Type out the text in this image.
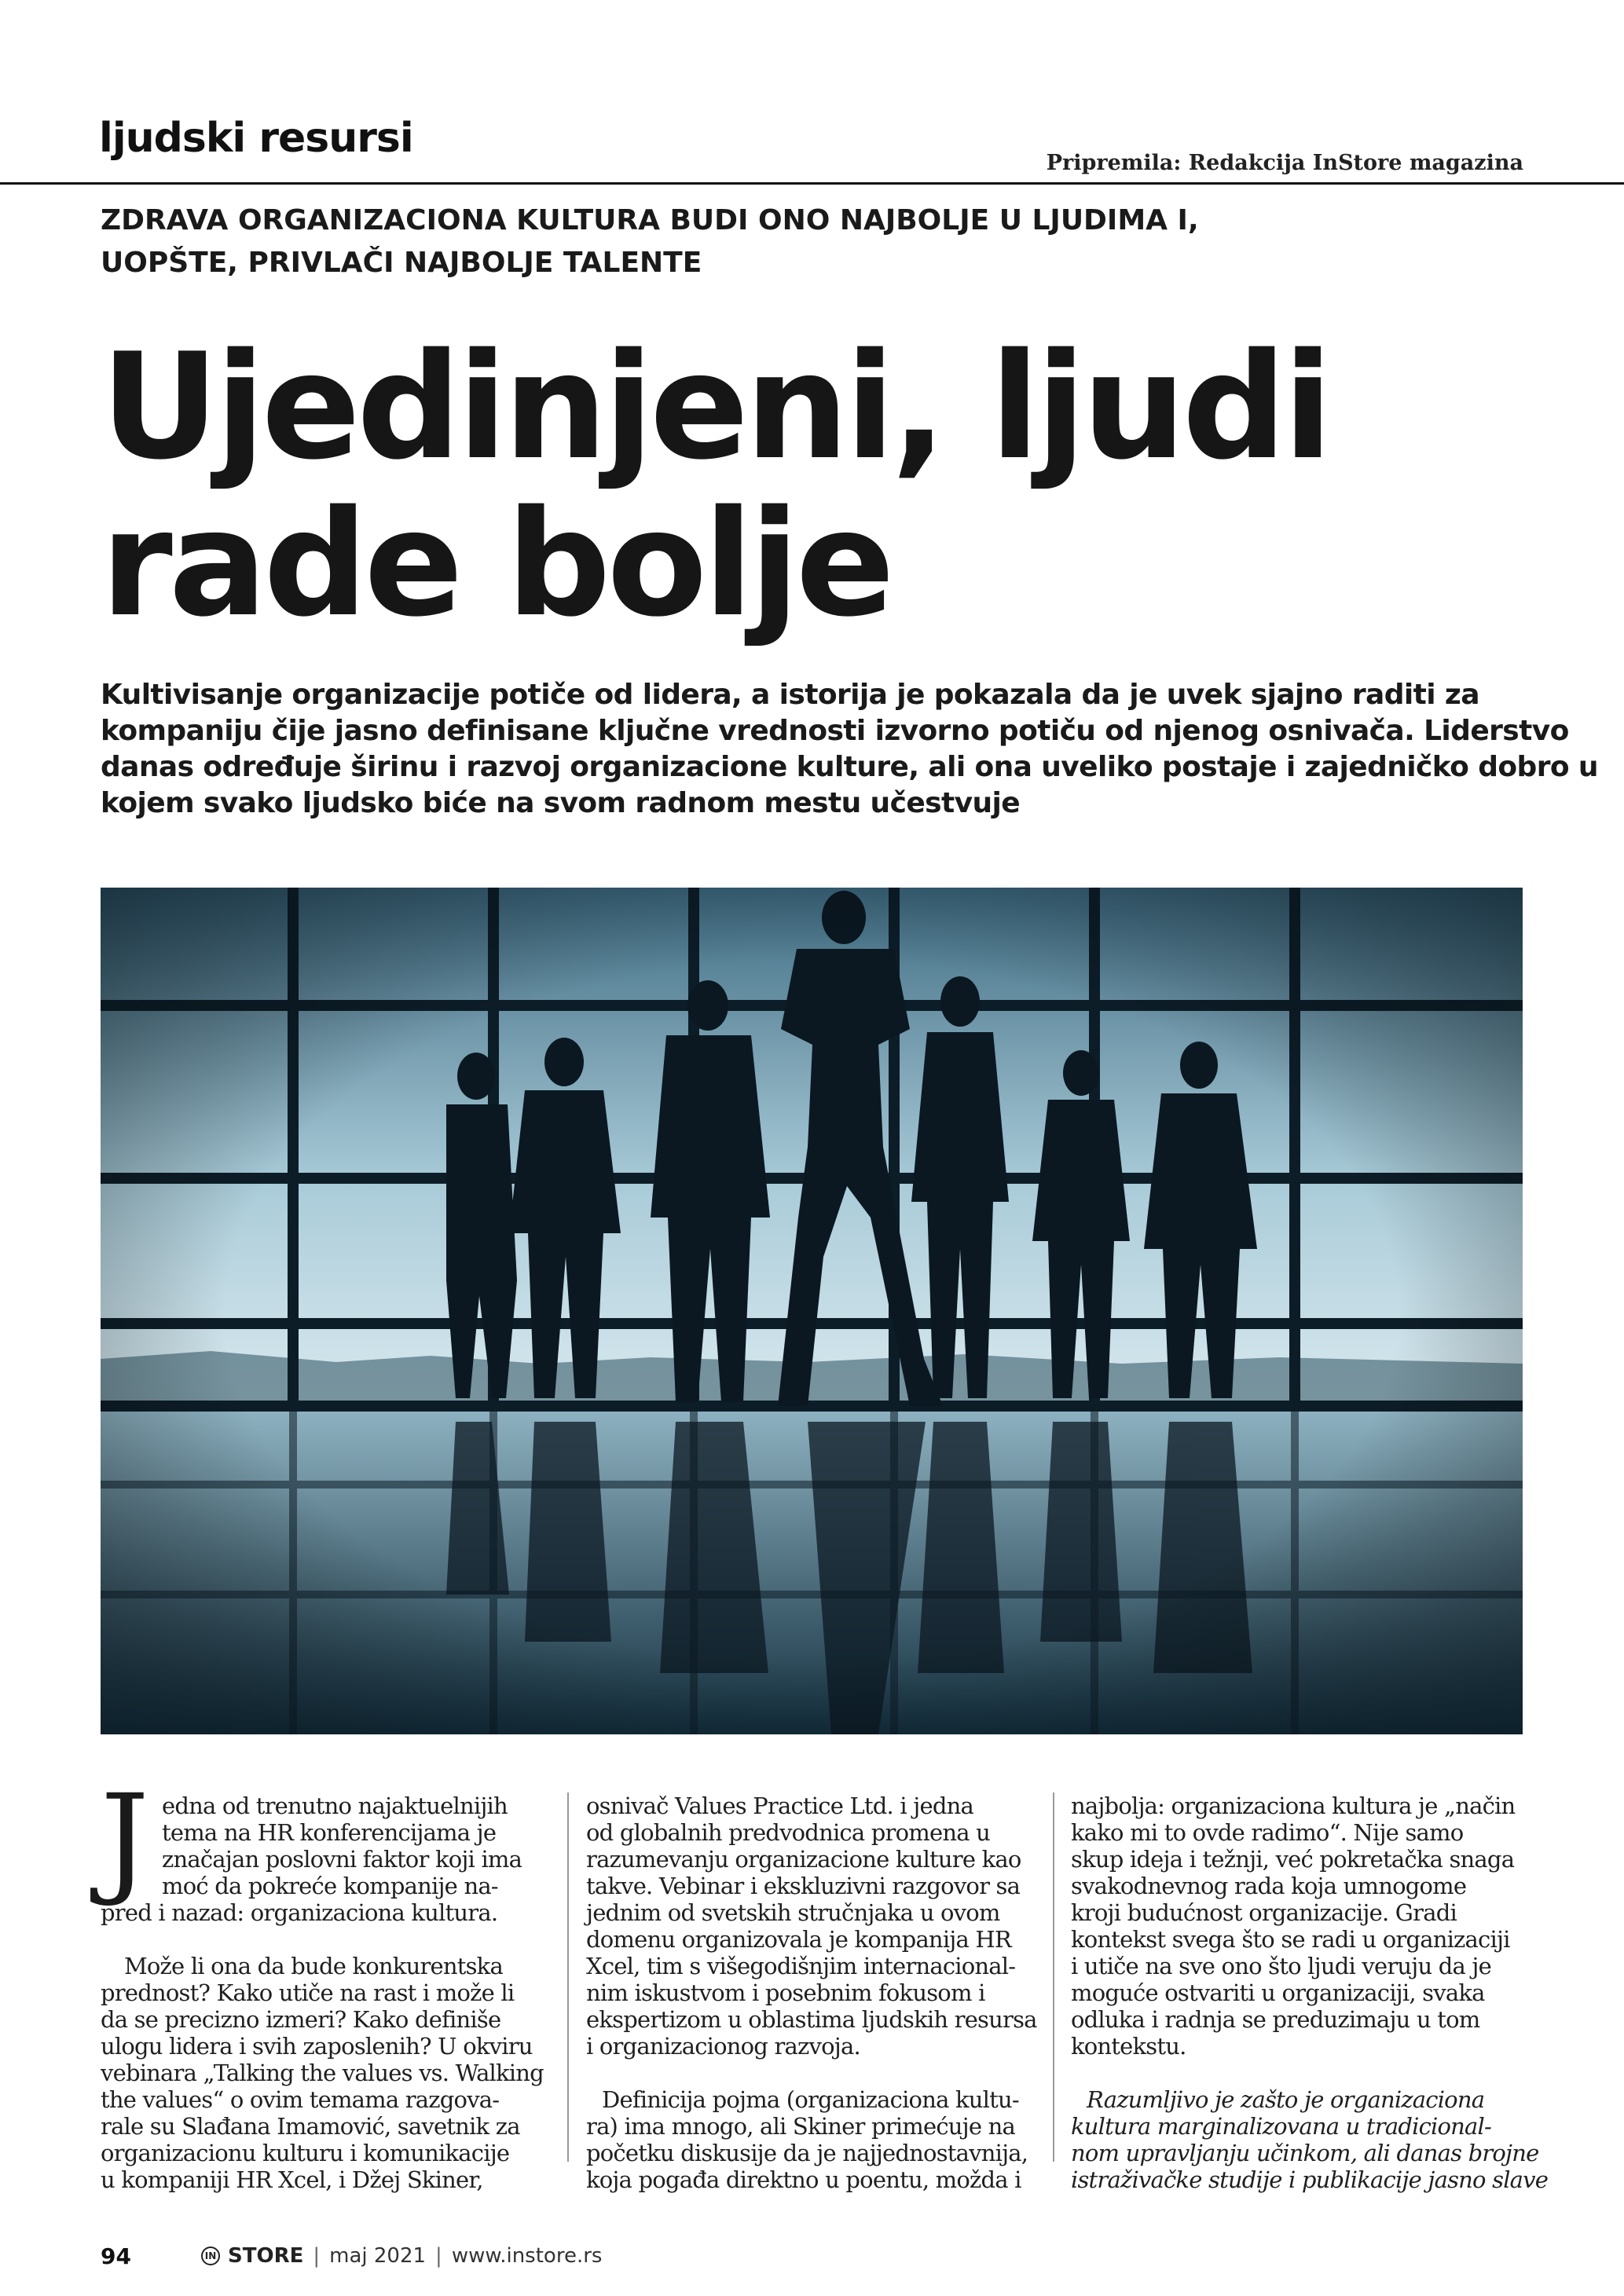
ljudski resursi
Pripremila: Redakcija InStore magazina
ZDRAVA ORGANIZACIONA KULTURA BUDI ONO NAJBOLJE U LJUDIMA I,
UOPŠTE, PRIVLAČI NAJBOLJE TALENTE
Ujedinjeni, ljudi
rade bolje
Kultivisanje organizacije potiče od lidera, a istorija je pokazala da je uvek sjajno raditi za
kompaniju čije jasno definisane ključne vrednosti izvorno potiču od njenog osnivača. Liderstvo
danas određuje širinu i razvoj organizacione kulture, ali ona uveliko postaje i zajedničko dobro u
kojem svako ljudsko biće na svom radnom mestu učestvuje
J edna od trenutno najaktuelnijih
tema na HR konferencijama je
značajan poslovni faktor koji ima
moć da pokreće kompanije na-
pred i nazad: organizaciona kultura.

Može li ona da bude konkurentska
prednost? Kako utiče na rast i može li
da se precizno izmeri? Kako definiše
ulogu lidera i svih zaposlenih? U okviru
vebinara „Talking the values vs. Walking
the values“ o ovim temama razgova-
rale su Slađana Imamović, savetnik za
organizacionu kulturu i komunikacije
u kompaniji HR Xcel, i Džej Skiner,

osnivač Values Practice Ltd. i jedna
od globalnih predvodnica promena u
razumevanju organizacione kulture kao
takve. Vebinar i ekskluzivni razgovor sa
jednim od svetskih stručnjaka u ovom
domenu organizovala je kompanija HR
Xcel, tim s višegodišnjim internacional-
nim iskustvom i posebnim fokusom i
ekspertizom u oblastima ljudskih resursa
i organizacionog razvoja.

Definicija pojma (organizaciona kultu-
ra) ima mnogo, ali Skiner primećuje na
početku diskusije da je najjednostavnija,
koja pogađa direktno u poentu, možda i

najbolja: organizaciona kultura je „način
kako mi to ovde radimo“. Nije samo
skup ideja i težnji, već pokretačka snaga
svakodnevnog rada koja umnogome
kroji budućnost organizacije. Gradi
kontekst svega što se radi u organizaciji
i utiče na sve ono što ljudi veruju da je
moguće ostvariti u organizaciji, svaka
odluka i radnja se preduzimaju u tom
kontekstu.

Razumljivo je zašto je organizaciona
kultura marginalizovana u tradicional-
nom upravljanju učinkom, ali danas brojne
istraživačke studije i publikacije jasno slave

94	IN STORE | maj 2021 | www.instore.rs
